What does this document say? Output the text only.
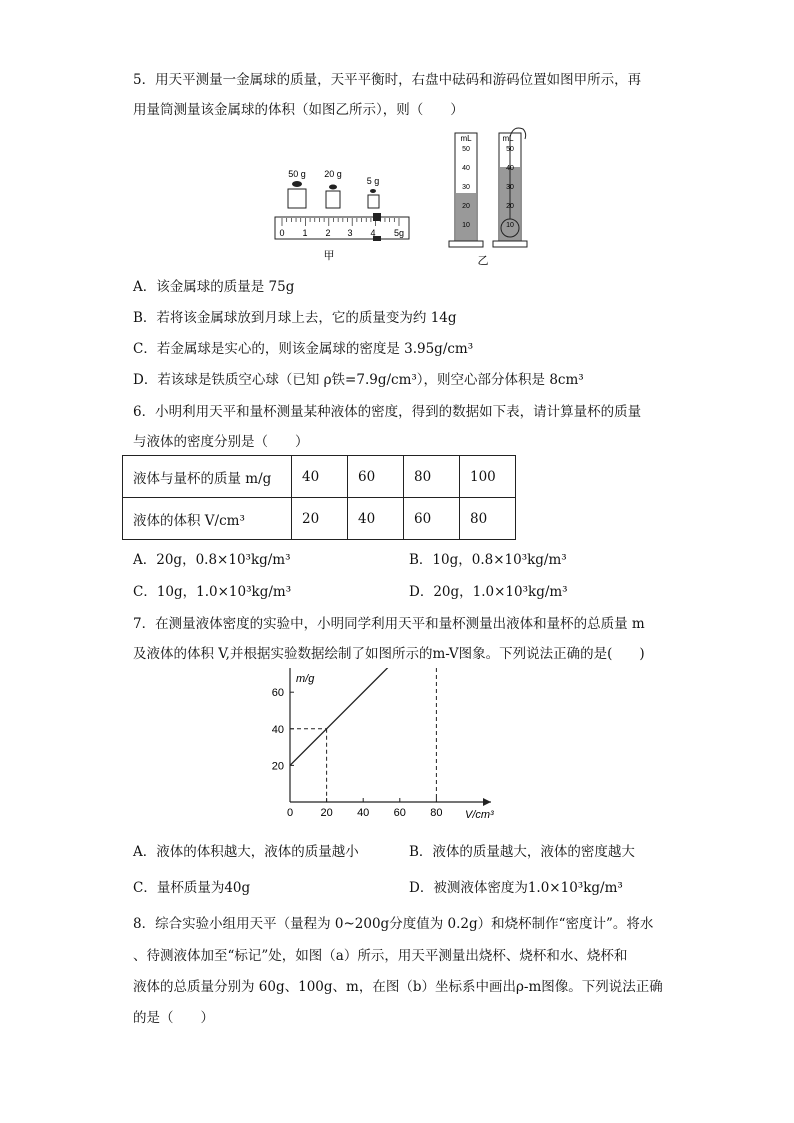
5．用天平测量一金属球的质量，天平平衡时，右盘中砝码和游码位置如图甲所示，再
用量筒测量该金属球的体积（如图乙所示），则（　　）
50 g 20 g
5 g
0 1 2 3 4 5g
甲
mL
50
40
30
20
10
mL
50
40
30
20
10
乙
A．该金属球的质量是 75g
B．若将该金属球放到月球上去，它的质量变为约 14g
C．若金属球是实心的，则该金属球的密度是 3.95g/cm³
D．若该球是铁质空心球（已知 ρ铁=7.9g/cm³），则空心部分体积是 8cm³
6．小明利用天平和量杯测量某种液体的密度，得到的数据如下表，请计算量杯的质量
与液体的密度分别是（　　）
液体与量杯的质量 m/g	40	60	80	100
液体的体积 V/cm³	20	40	60	80
A．20g，0.8×10³kg/m³	B．10g，0.8×10³kg/m³
C．10g，1.0×10³kg/m³	D．20g，1.0×10³kg/m³
7．在测量液体密度的实验中，小明同学利用天平和量杯测量出液体和量杯的总质量 m
及液体的体积 V,并根据实验数据绘制了如图所示的m-V图象。下列说法正确的是(　　)
0 20 40 60 80
20
40
60
m/g
V/cm³
A．液体的体积越大，液体的质量越小	B．液体的质量越大，液体的密度越大
C．量杯质量为40g	D．被测液体密度为1.0×10³kg/m³
8．综合实验小组用天平（量程为 0~200g分度值为 0.2g）和烧杯制作“密度计”。将水
、待测液体加至“标记”处，如图（a）所示，用天平测量出烧杯、烧杯和水、烧杯和
液体的总质量分别为 60g、100g、m，在图（b）坐标系中画出ρ-m图像。下列说法正确
的是（　　）
